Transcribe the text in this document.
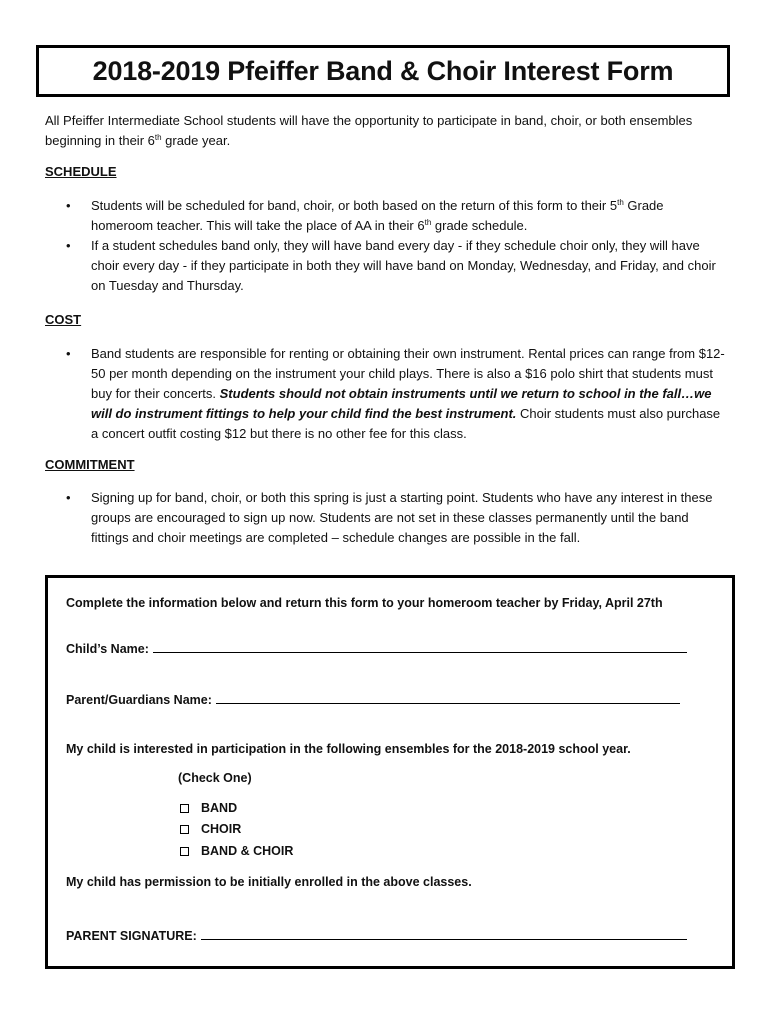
2018-2019 Pfeiffer Band & Choir Interest Form
All Pfeiffer Intermediate School students will have the opportunity to participate in band, choir, or both ensembles beginning in their 6th grade year.
SCHEDULE
•	Students will be scheduled for band, choir, or both based on the return of this form to their 5th Grade homeroom teacher. This will take the place of AA in their 6th grade schedule.
•	If a student schedules band only, they will have band every day - if they schedule choir only, they will have choir every day - if they participate in both they will have band on Monday, Wednesday, and Friday, and choir on Tuesday and Thursday.
COST
•	Band students are responsible for renting or obtaining their own instrument. Rental prices can range from $12-50 per month depending on the instrument your child plays. There is also a $16 polo shirt that students must buy for their concerts. Students should not obtain instruments until we return to school in the fall…we will do instrument fittings to help your child find the best instrument. Choir students must also purchase a concert outfit costing $12 but there is no other fee for this class.
COMMITMENT
•	Signing up for band, choir, or both this spring is just a starting point. Students who have any interest in these groups are encouraged to sign up now. Students are not set in these classes permanently until the band fittings and choir meetings are completed – schedule changes are possible in the fall.
Complete the information below and return this form to your homeroom teacher by Friday, April 27th
Child’s Name:
Parent/Guardians Name:
My child is interested in participation in the following ensembles for the 2018-2019 school year.
(Check One)
BAND
CHOIR
BAND & CHOIR
My child has permission to be initially enrolled in the above classes.
PARENT SIGNATURE:
